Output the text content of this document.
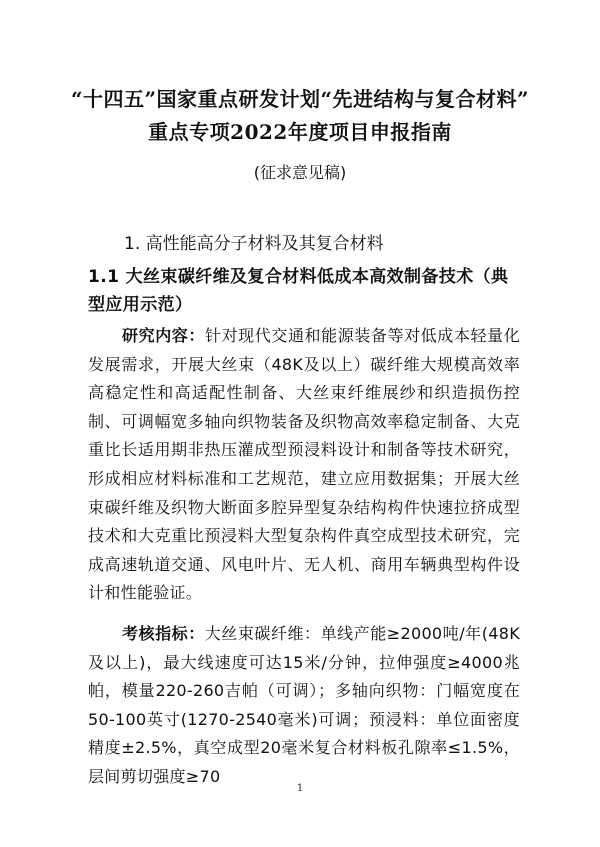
“十四五”国家重点研发计划“先进结构与复合材料”
重点专项2022年度项目申报指南
(征求意见稿)
1. 高性能高分子材料及其复合材料
1.1 大丝束碳纤维及复合材料低成本高效制备技术（典型应用示范）
研究内容：针对现代交通和能源装备等对低成本轻量化发展需求，开展大丝束（48K及以上）碳纤维大规模高效率高稳定性和高适配性制备、大丝束纤维展纱和织造损伤控制、可调幅宽多轴向织物装备及织物高效率稳定制备、大克重比长适用期非热压灌成型预浸料设计和制备等技术研究，形成相应材料标准和工艺规范，建立应用数据集；开展大丝束碳纤维及织物大断面多腔异型复杂结构构件快速拉挤成型技术和大克重比预浸料大型复杂构件真空成型技术研究，完成高速轨道交通、风电叶片、无人机、商用车辆典型构件设计和性能验证。
考核指标：大丝束碳纤维：单线产能≥2000吨/年(48K及以上)，最大线速度可达15米/分钟，拉伸强度≥4000兆帕，模量220-260吉帕（可调）；多轴向织物：门幅宽度在50-100英寸(1270-2540毫米)可调；预浸料：单位面密度精度±2.5%，真空成型20毫米复合材料板孔隙率≤1.5%，层间剪切强度≥70
1
